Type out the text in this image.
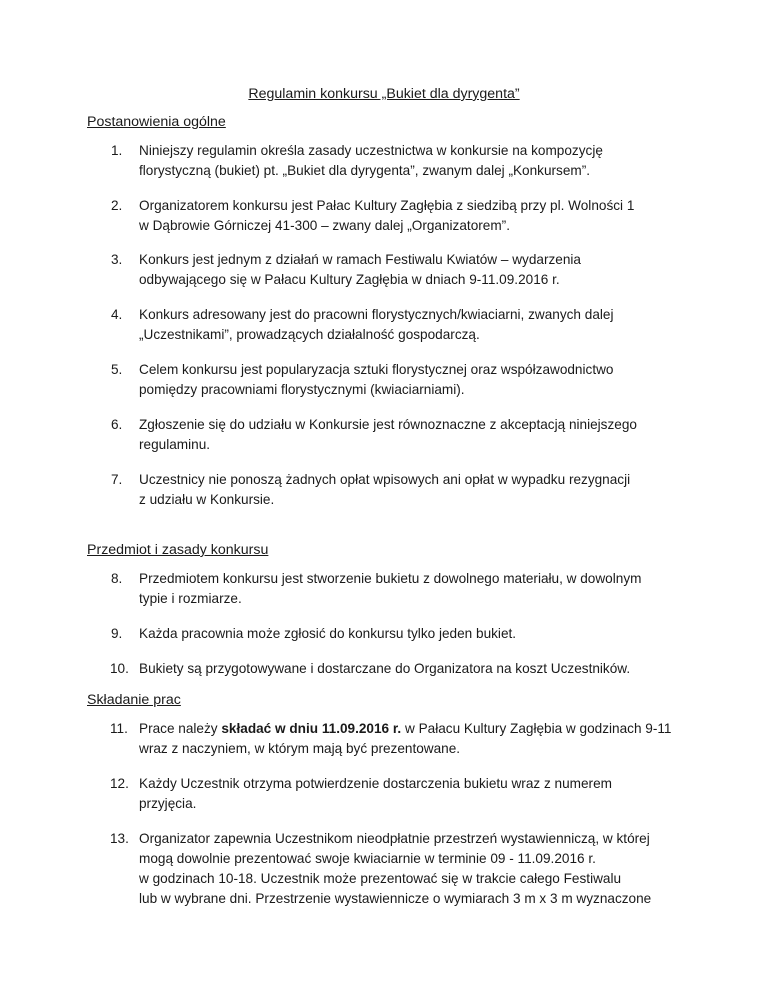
Regulamin konkursu „Bukiet dla dyrygenta”
Postanowienia ogólne
1. Niniejszy regulamin określa zasady uczestnictwa w konkursie na kompozycję
florystyczną (bukiet) pt. „Bukiet dla dyrygenta”, zwanym dalej „Konkursem”.
2. Organizatorem konkursu jest Pałac Kultury Zagłębia z siedzibą przy pl. Wolności 1
w Dąbrowie Górniczej 41-300 – zwany dalej „Organizatorem”.
3. Konkurs jest jednym z działań w ramach Festiwalu Kwiatów – wydarzenia
odbywającego się w Pałacu Kultury Zagłębia w dniach 9-11.09.2016 r.
4. Konkurs adresowany jest do pracowni florystycznych/kwiaciarni, zwanych dalej
„Uczestnikami”, prowadzących działalność gospodarczą.
5. Celem konkursu jest popularyzacja sztuki florystycznej oraz współzawodnictwo
pomiędzy pracowniami florystycznymi (kwiaciarniami).
6. Zgłoszenie się do udziału w Konkursie jest równoznaczne z akceptacją niniejszego
regulaminu.
7. Uczestnicy nie ponoszą żadnych opłat wpisowych ani opłat w wypadku rezygnacji
z udziału w Konkursie.
Przedmiot i zasady konkursu
8. Przedmiotem konkursu jest stworzenie bukietu z dowolnego materiału, w dowolnym
typie i rozmiarze.
9. Każda pracownia może zgłosić do konkursu tylko jeden bukiet.
10. Bukiety są przygotowywane i dostarczane do Organizatora na koszt Uczestników.
Składanie prac
11. Prace należy składać w dniu 11.09.2016 r. w Pałacu Kultury Zagłębia w godzinach 9-11
wraz z naczyniem, w którym mają być prezentowane.
12. Każdy Uczestnik otrzyma potwierdzenie dostarczenia bukietu wraz z numerem
przyjęcia.
13. Organizator zapewnia Uczestnikom nieodpłatnie przestrzeń wystawienniczą, w której
mogą dowolnie prezentować swoje kwiaciarnie w terminie 09 - 11.09.2016 r.
w godzinach 10-18. Uczestnik może prezentować się w trakcie całego Festiwalu
lub w wybrane dni. Przestrzenie wystawiennicze o wymiarach 3 m x 3 m wyznaczone
